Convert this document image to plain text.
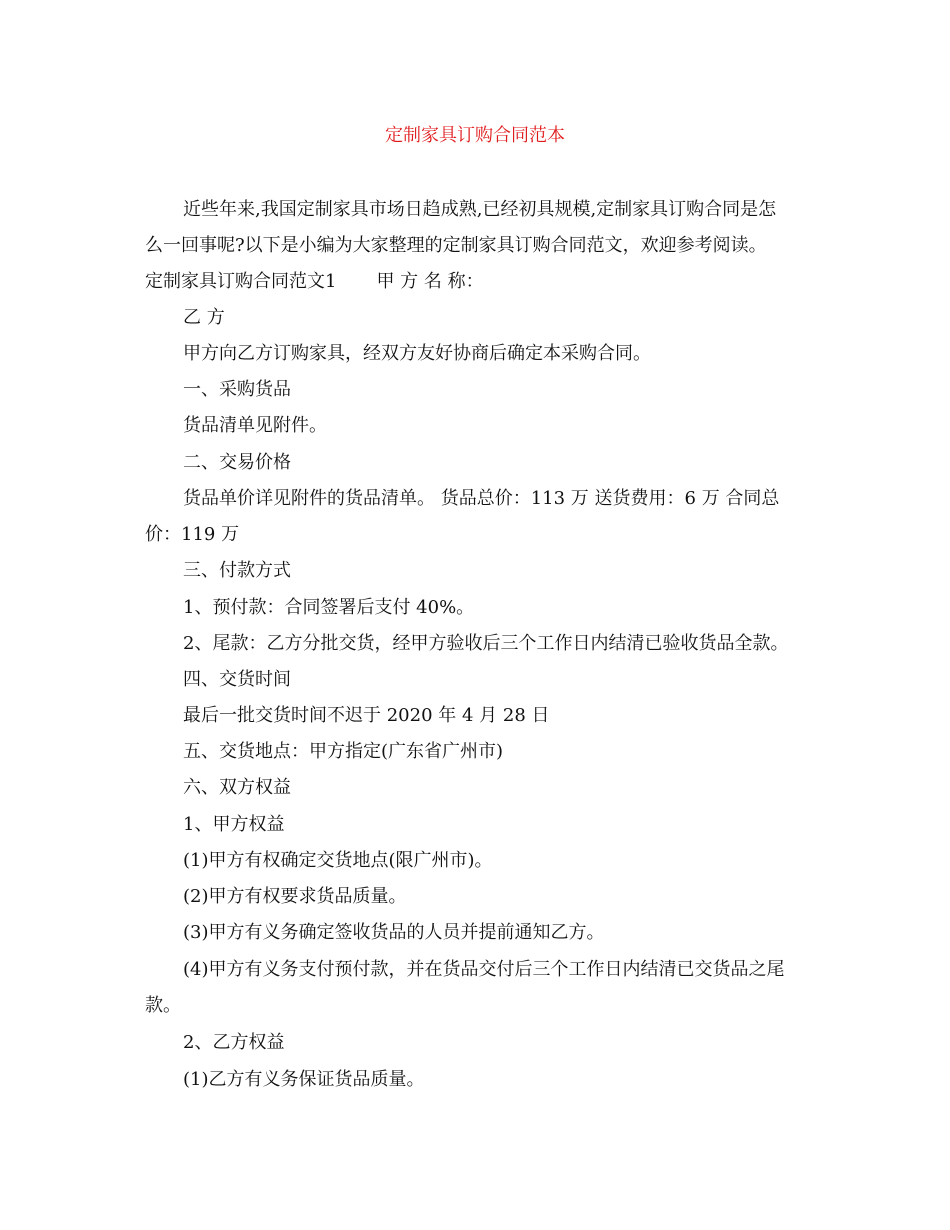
定制家具订购合同范本
近些年来,我国定制家具市场日趋成熟,已经初具规模,定制家具订购合同是怎
么一回事呢?以下是小编为大家整理的定制家具订购合同范文，欢迎参考阅读。
定制家具订购合同范文1 甲 方 名 称：
乙 方
甲方向乙方订购家具，经双方友好协商后确定本采购合同。
一、采购货品
货品清单见附件。
二、交易价格
货品单价详见附件的货品清单。 货品总价：113 万 送货费用：6 万 合同总
价：119 万
三、付款方式
1、预付款：合同签署后支付 40%。
2、尾款：乙方分批交货，经甲方验收后三个工作日内结清已验收货品全款。
四、交货时间
最后一批交货时间不迟于 2020 年 4 月 28 日
五、交货地点：甲方指定(广东省广州市)
六、双方权益
1、甲方权益
(1)甲方有权确定交货地点(限广州市)。
(2)甲方有权要求货品质量。
(3)甲方有义务确定签收货品的人员并提前通知乙方。
(4)甲方有义务支付预付款，并在货品交付后三个工作日内结清已交货品之尾
款。
2、乙方权益
(1)乙方有义务保证货品质量。
